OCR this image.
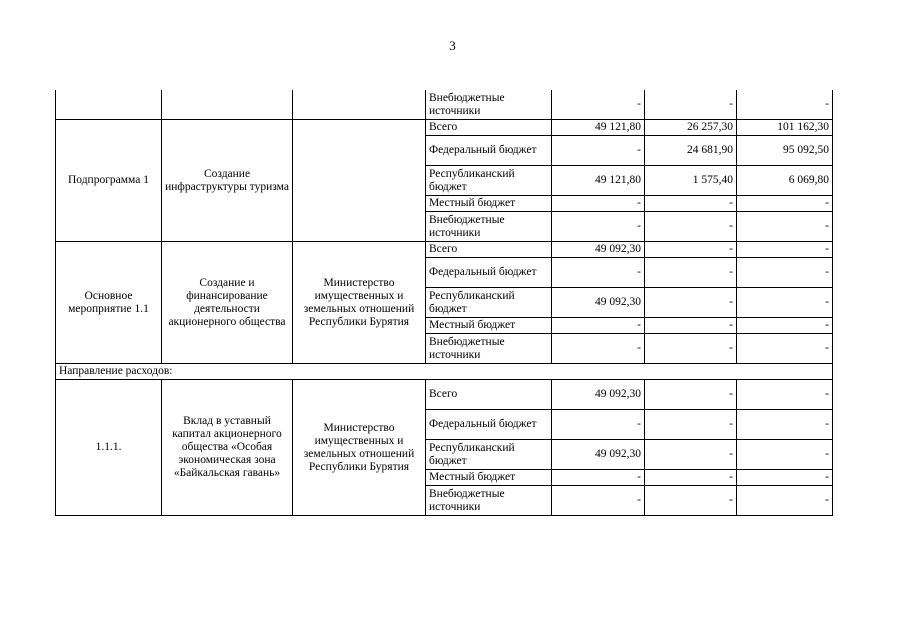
3
			Внебюджетные источники	-	-	-
Подпрограмма 1	Создание инфраструктуры туризма		Всего	49 121,80	26 257,30	101 162,30
			Федеральный бюджет	-	24 681,90	95 092,50
			Республиканский бюджет	49 121,80	1 575,40	6 069,80
			Местный бюджет	-	-	-
			Внебюджетные источники	-	-	-
Основное мероприятие 1.1	Создание и финансирование деятельности акционерного общества	Министерство имущественных и земельных отношений Республики Бурятия	Всего	49 092,30	-	-
			Федеральный бюджет	-	-	-
			Республиканский бюджет	49 092,30	-	-
			Местный бюджет	-	-	-
			Внебюджетные источники	-	-	-
Направление расходов:						
1.1.1.	Вклад в уставный капитал акционерного общества «Особая экономическая зона «Байкальская гавань»	Министерство имущественных и земельных отношений Республики Бурятия	Всего	49 092,30	-	-
			Федеральный бюджет	-	-	-
			Республиканский бюджет	49 092,30	-	-
			Местный бюджет	-	-	-
			Внебюджетные источники	-	-	-
